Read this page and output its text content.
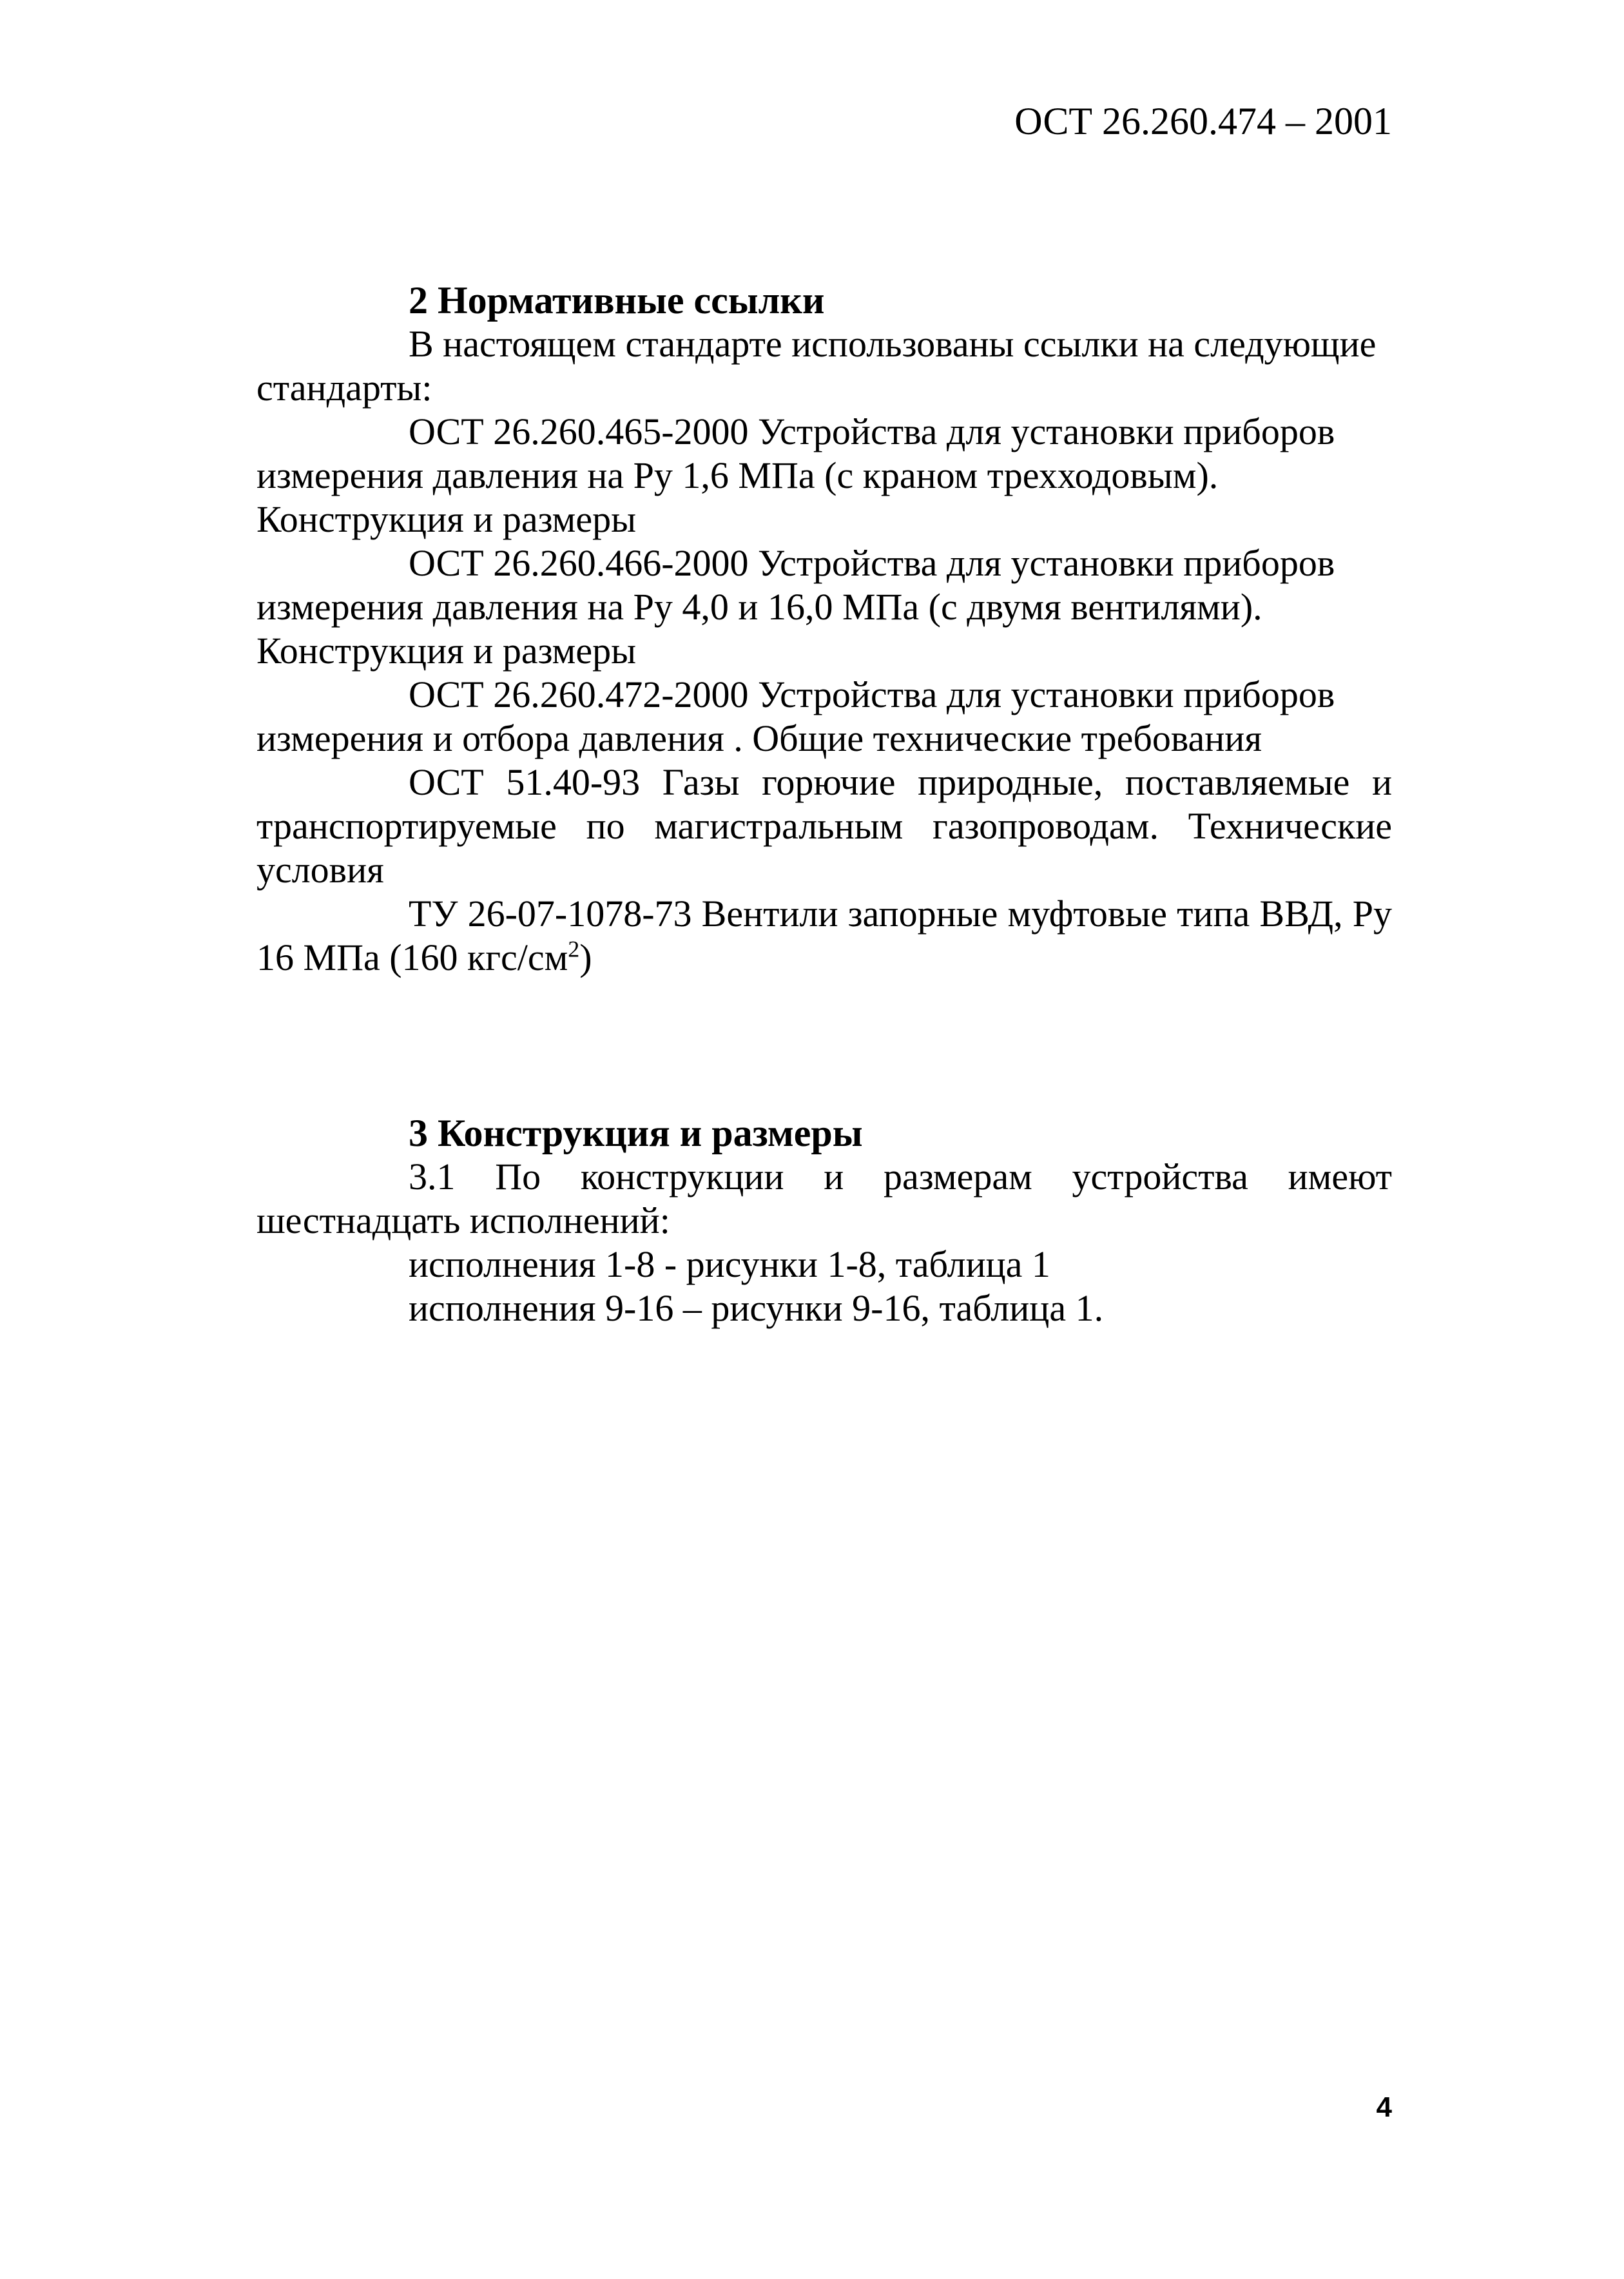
ОСТ 26.260.474 – 2001

2 Нормативные ссылки

В настоящем стандарте использованы ссылки на следующие стандарты:

ОСТ 26.260.465-2000 Устройства для установки приборов измерения давления на Ру 1,6 МПа (с краном трехходовым). Конструкция и размеры

ОСТ 26.260.466-2000 Устройства для установки приборов измерения давления на Ру 4,0 и 16,0 МПа (с двумя вентилями). Конструкция и размеры

ОСТ 26.260.472-2000 Устройства для установки приборов измерения и отбора давления . Общие технические требования

ОСТ 51.40-93 Газы горючие природные, поставляемые и транспортируемые по магистральным газопроводам. Технические условия

ТУ 26-07-1078-73 Вентили запорные муфтовые типа ВВД, Ру 16 МПа (160 кгс/$см^2$)

3 Конструкция и размеры

3.1 По конструкции и размерам устройства имеют шестнадцать исполнений:

исполнения 1-8 - рисунки 1-8, таблица 1

исполнения 9-16 – рисунки 9-16, таблица 1.

4
